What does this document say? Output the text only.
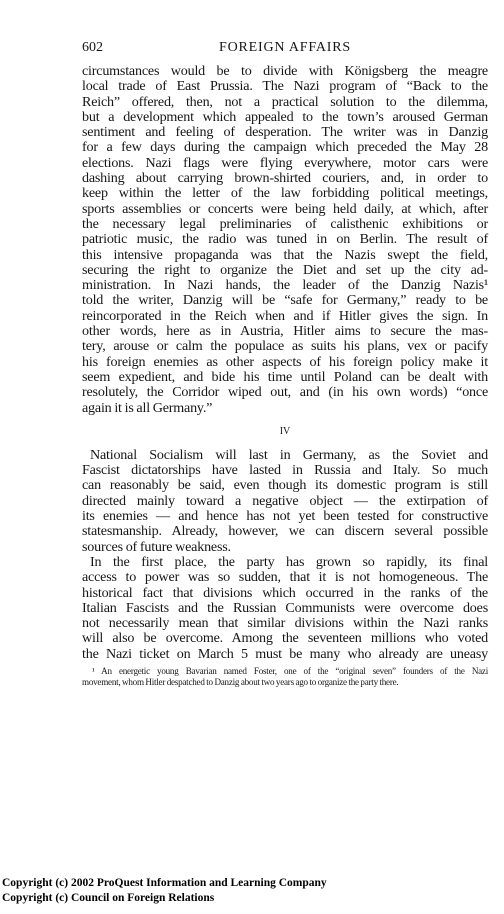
602	FOREIGN AFFAIRS
circumstances would be to divide with Königsberg the meagre
local trade of East Prussia. The Nazi program of “Back to the
Reich” offered, then, not a practical solution to the dilemma,
but a development which appealed to the town’s aroused German
sentiment and feeling of desperation. The writer was in Danzig
for a few days during the campaign which preceded the May 28
elections. Nazi flags were flying everywhere, motor cars were
dashing about carrying brown-shirted couriers, and, in order to
keep within the letter of the law forbidding political meetings,
sports assemblies or concerts were being held daily, at which, after
the necessary legal preliminaries of calisthenic exhibitions or
patriotic music, the radio was tuned in on Berlin. The result of
this intensive propaganda was that the Nazis swept the field,
securing the right to organize the Diet and set up the city ad-
ministration. In Nazi hands, the leader of the Danzig Nazis¹
told the writer, Danzig will be “safe for Germany,” ready to be
reincorporated in the Reich when and if Hitler gives the sign. In
other words, here as in Austria, Hitler aims to secure the mas-
tery, arouse or calm the populace as suits his plans, vex or pacify
his foreign enemies as other aspects of his foreign policy make it
seem expedient, and bide his time until Poland can be dealt with
resolutely, the Corridor wiped out, and (in his own words) “once
again it is all Germany.”
IV
National Socialism will last in Germany, as the Soviet and
Fascist dictatorships have lasted in Russia and Italy. So much
can reasonably be said, even though its domestic program is still
directed mainly toward a negative object — the extirpation of
its enemies — and hence has not yet been tested for constructive
statesmanship. Already, however, we can discern several possible
sources of future weakness.
In the first place, the party has grown so rapidly, its final
access to power was so sudden, that it is not homogeneous. The
historical fact that divisions which occurred in the ranks of the
Italian Fascists and the Russian Communists were overcome does
not necessarily mean that similar divisions within the Nazi ranks
will also be overcome. Among the seventeen millions who voted
the Nazi ticket on March 5 must be many who already are uneasy
¹ An energetic young Bavarian named Foster, one of the “original seven” founders of the Nazi
movement, whom Hitler despatched to Danzig about two years ago to organize the party there.
Copyright (c) 2002 ProQuest Information and Learning Company
Copyright (c) Council on Foreign Relations
